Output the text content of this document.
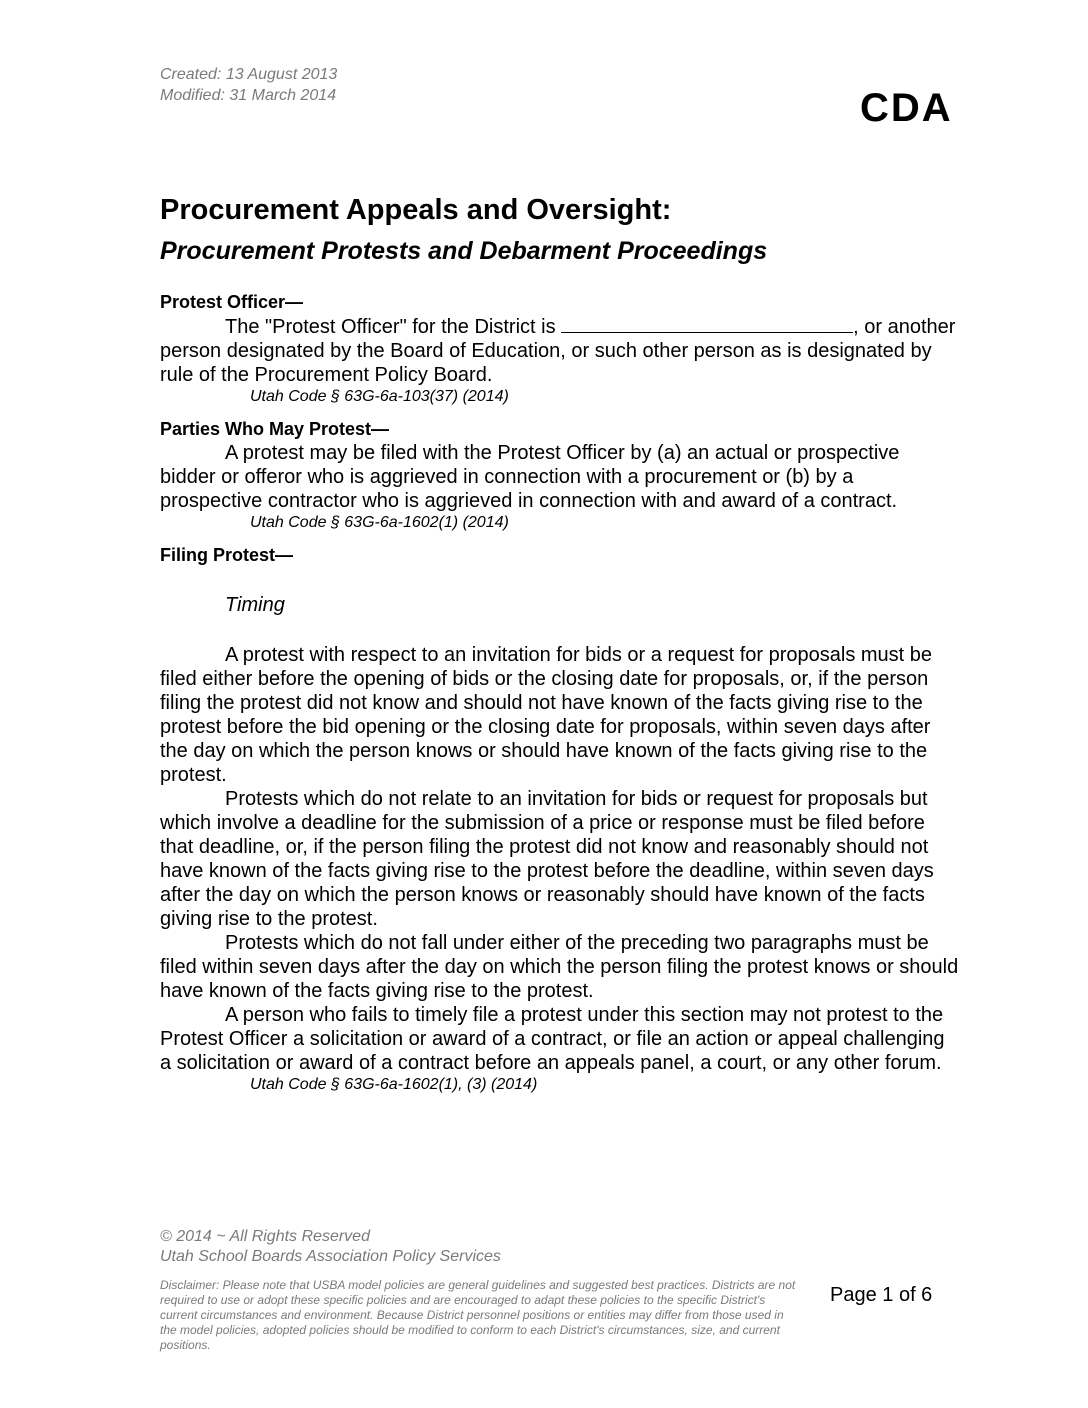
Created: 13 August 2013
Modified: 31 March 2014	CDA
Procurement Appeals and Oversight:
Procurement Protests and Debarment Proceedings

Protest Officer—

The "Protest Officer" for the District is	, or another person designated by the Board of Education, or such other person as is designated by rule of the Procurement Policy Board.

Utah Code § 63G-6a-103(37) (2014)

Parties Who May Protest—

A protest may be filed with the Protest Officer by (a) an actual or prospective bidder or offeror who is aggrieved in connection with a procurement or (b) by a prospective contractor who is aggrieved in connection with and award of a contract.

Utah Code § 63G-6a-1602(1) (2014)

Filing Protest—

Timing

A protest with respect to an invitation for bids or a request for proposals must be filed either before the opening of bids or the closing date for proposals, or, if the person filing the protest did not know and should not have known of the facts giving rise to the protest before the bid opening or the closing date for proposals, within seven days after the day on which the person knows or should have known of the facts giving rise to the protest.

Protests which do not relate to an invitation for bids or request for proposals but which involve a deadline for the submission of a price or response must be filed before that deadline, or, if the person filing the protest did not know and reasonably should not have known of the facts giving rise to the protest before the deadline, within seven days after the day on which the person knows or reasonably should have known of the facts giving rise to the protest.

Protests which do not fall under either of the preceding two paragraphs must be filed within seven days after the day on which the person filing the protest knows or should have known of the facts giving rise to the protest.

A person who fails to timely file a protest under this section may not protest to the Protest Officer a solicitation or award of a contract, or file an action or appeal challenging a solicitation or award of a contract before an appeals panel, a court, or any other forum.

Utah Code § 63G-6a-1602(1), (3) (2014)

© 2014 ~ All Rights Reserved
Utah School Boards Association Policy Services
Disclaimer: Please note that USBA model policies are general guidelines and suggested best practices. Districts are not required to use or adopt these specific policies and are encouraged to adapt these policies to the specific District's current circumstances and environment. Because District personnel positions or entities may differ from those used in the model policies, adopted policies should be modified to conform to each District's circumstances, size, and current positions.
Page 1 of 6
